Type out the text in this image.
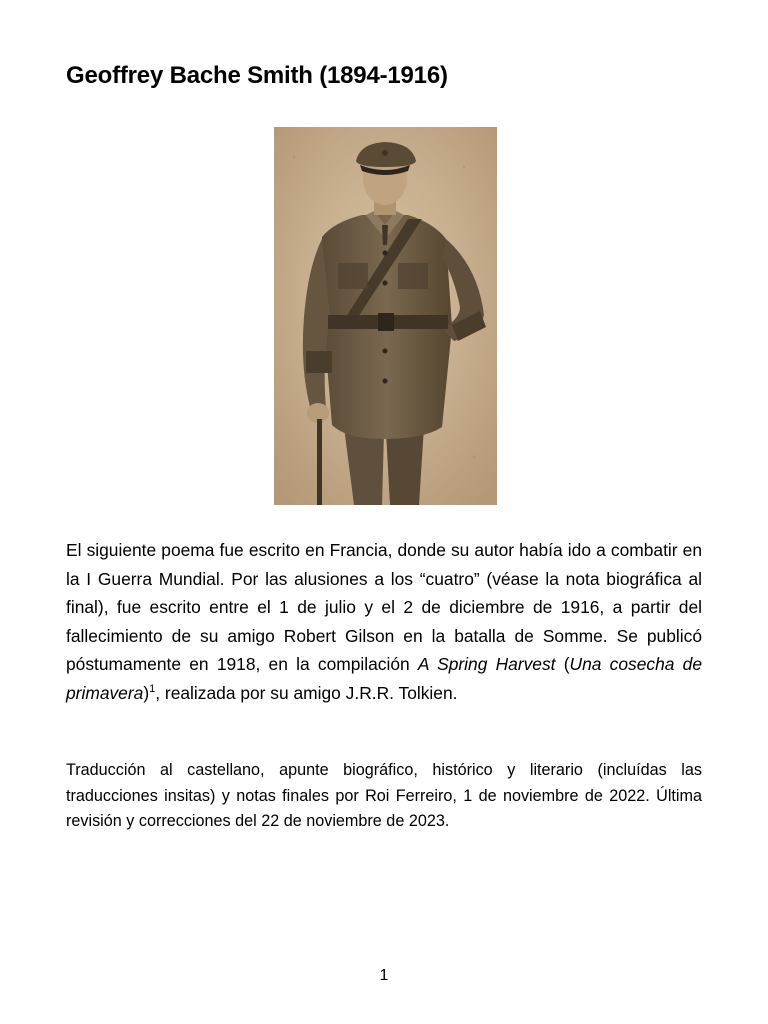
Geoffrey Bache Smith (1894-1916)

El siguiente poema fue escrito en Francia, donde su autor había ido a combatir en la I Guerra Mundial. Por las alusiones a los “cuatro” (véase la nota biográfica al final), fue escrito entre el 1 de julio y el 2 de diciembre de 1916, a partir del fallecimiento de su amigo Robert Gilson en la batalla de Somme. Se publicó póstumamente en 1918, en la compilación A Spring Harvest (Una cosecha de primavera)$^1$, realizada por su amigo J.R.R. Tolkien.

Traducción al castellano, apunte biográfico, histórico y literario (incluídas las traducciones insitas) y notas finales por Roi Ferreiro, 1 de noviembre de 2022. Última revisión y correcciones del 22 de noviembre de 2023.

1
